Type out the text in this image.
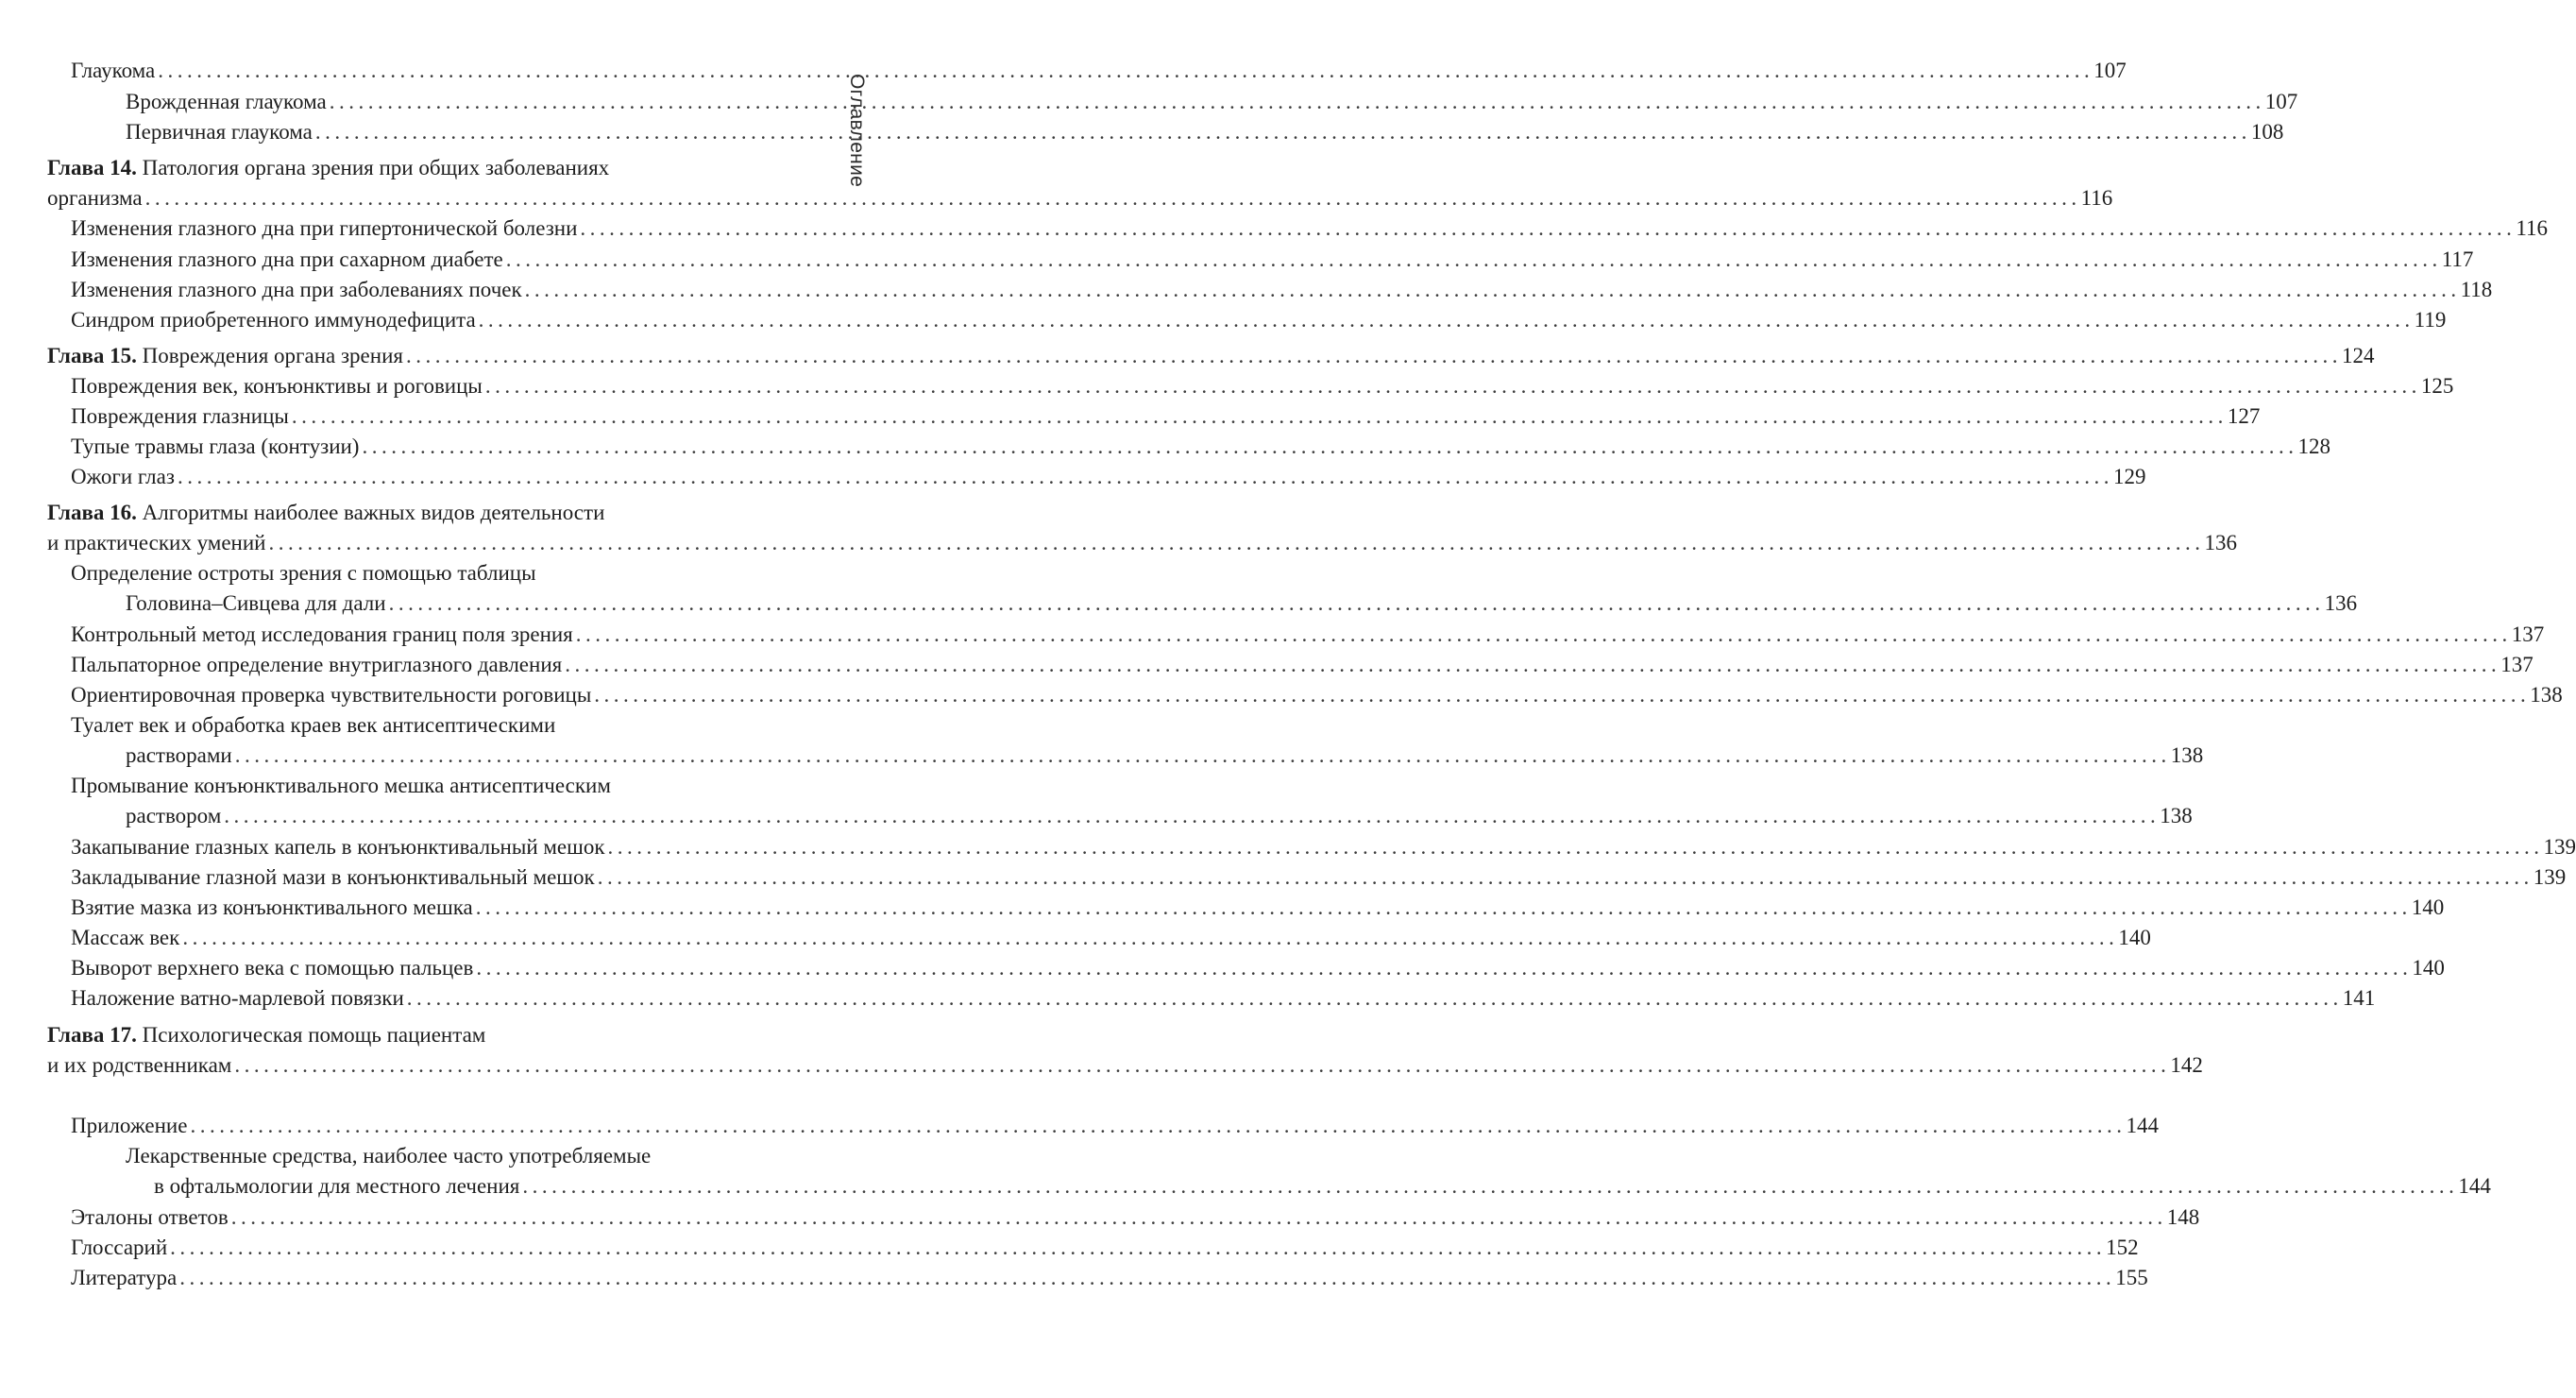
Оглавление
Глаукома ........................................................................................................................................................................................................ 107
Врожденная глаукома ........................................................................................................................................................................................................ 107
Первичная глаукома ........................................................................................................................................................................................................ 108
Глава 14. Патология органа зрения при общих заболеваниях
организма ........................................................................................................................................................................................................ 116
Изменения глазного дна при гипертонической болезни ........................................................................................................................................................................................................ 116
Изменения глазного дна при сахарном диабете ........................................................................................................................................................................................................ 117
Изменения глазного дна при заболеваниях почек ........................................................................................................................................................................................................ 118
Синдром приобретенного иммунодефицита ........................................................................................................................................................................................................ 119
Глава 15. Повреждения органа зрения ........................................................................................................................................................................................................ 124
Повреждения век, конъюнктивы и роговицы ........................................................................................................................................................................................................ 125
Повреждения глазницы ........................................................................................................................................................................................................ 127
Тупые травмы глаза (контузии) ........................................................................................................................................................................................................ 128
Ожоги глаз ........................................................................................................................................................................................................ 129
Глава 16. Алгоритмы наиболее важных видов деятельности
и практических умений ........................................................................................................................................................................................................ 136
Определение остроты зрения с помощью таблицы
Головина–Сивцева для дали ........................................................................................................................................................................................................ 136
Контрольный метод исследования границ поля зрения ........................................................................................................................................................................................................ 137
Пальпаторное определение внутриглазного давления ........................................................................................................................................................................................................ 137
Ориентировочная проверка чувствительности роговицы ........................................................................................................................................................................................................ 138
Туалет век и обработка краев век антисептическими
растворами ........................................................................................................................................................................................................ 138
Промывание конъюнктивального мешка антисептическим
раствором ........................................................................................................................................................................................................ 138
Закапывание глазных капель в конъюнктивальный мешок ........................................................................................................................................................................................................ 139
Закладывание глазной мази в конъюнктивальный мешок ........................................................................................................................................................................................................ 139
Взятие мазка из конъюнктивального мешка ........................................................................................................................................................................................................ 140
Массаж век ........................................................................................................................................................................................................ 140
Выворот верхнего века с помощью пальцев ........................................................................................................................................................................................................ 140
Наложение ватно-марлевой повязки ........................................................................................................................................................................................................ 141
Глава 17. Психологическая помощь пациентам
и их родственникам ........................................................................................................................................................................................................ 142
Приложение ........................................................................................................................................................................................................ 144
Лекарственные средства, наиболее часто употребляемые
в офтальмологии для местного лечения ........................................................................................................................................................................................................ 144
Эталоны ответов ........................................................................................................................................................................................................ 148
Глоссарий ........................................................................................................................................................................................................ 152
Литература ........................................................................................................................................................................................................ 155
